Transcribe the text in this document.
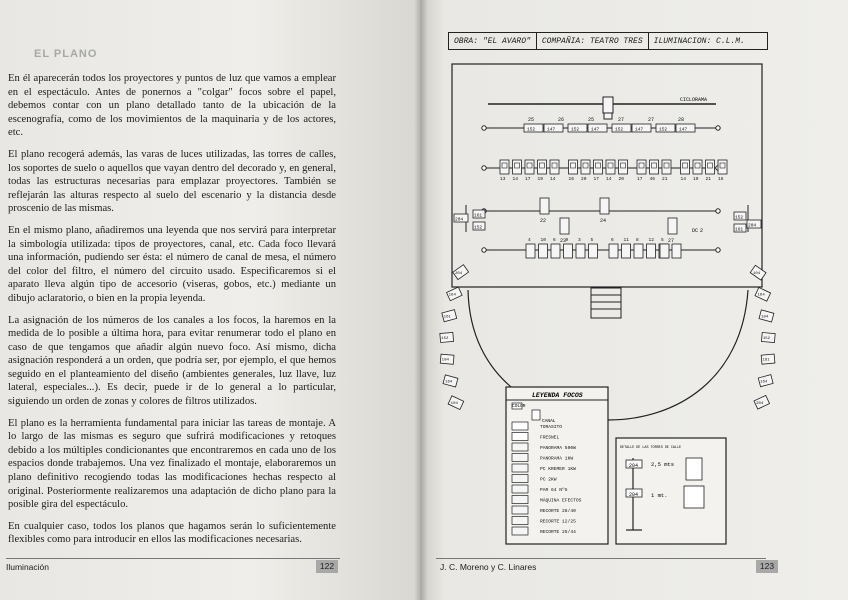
EL PLANO

En él aparecerán todos los proyectores y puntos de luz que vamos a emplear en el espectáculo. Antes de ponernos a "colgar" focos sobre el papel, debemos contar con un plano detallado tanto de la ubicación de la escenografía, como de los movimientos de la maquinaria y de los actores, etc.

El plano recogerá además, las varas de luces utilizadas, las torres de calles, los soportes de suelo o aquellos que vayan dentro del decorado y, en general, todas las estructuras necesarias para emplazar proyectores. También se reflejarán las alturas respecto al suelo del escenario y la distancia desde proscenio de las mismas.

En el mismo plano, añadiremos una leyenda que nos servirá para interpretar la simbología utilizada: tipos de proyectores, canal, etc. Cada foco llevará una información, pudiendo ser ésta: el número de canal de mesa, el número del color del filtro, el número del circuito usado. Especificaremos si el aparato lleva algún tipo de accesorio (viseras, gobos, etc.) mediante un dibujo aclaratorio, o bien en la propia leyenda.

La asignación de los números de los canales a los focos, la haremos en la medida de lo posible a última hora, para evitar renumerar todo el plano en caso de que tengamos que añadir algún nuevo foco. Así mismo, dicha asignación responderá a un orden, que podría ser, por ejemplo, el que hemos seguido en el planteamiento del diseño (ambientes generales, luz llave, luz lateral, especiales...). Es decir, puede ir de lo general a lo particular, siguiendo un orden de zonas y colores de filtros utilizados.

El plano es la herramienta fundamental para iniciar las tareas de montaje. A lo largo de las mismas es seguro que sufrirá modificaciones y retoques debido a los múltiples condicionantes que encontraremos en cada uno de los espacios donde trabajemos. Una vez finalizado el montaje, elaboraremos un plano definitivo recogiendo todas las modificaciones hechas respecto al original. Posteriormente realizaremos una adaptación de dicho plano para la posible gira del espectáculo.

En cualquier caso, todos los planos que hagamos serán lo suficientemente flexibles como para introducir en ellos las modificaciones necesarias.

Iluminación	122
OBRA: "EL AVARO"	COMPAÑIA: TEATRO TRES	ILUMINACION: C.L.M.
152	147	152	147	152	147	152	147
25	26	25	27	27	28
13 14 17 19 14	16 20 17 14 20	17 46 21	14 19 21 16
22
23
24
27
4 10 6 9 3 5	6 11 8 12 5
204
204
161
152
152
161
204	104
164	164
161	104
152	152
104	161
164	164
104	204
TORASITO
FRESNEL
PANORAMA 500W
PANORAMA 1KW
PC KREMER 1KW
PC 2KW
PAR 64 Nº5
MÁQUINA EFECTOS
RECORTE 28/40
RECORTE 12/25
RECORTE 25/44
CICLORAMA
LEYENDA FOCOS
COLOR
CANAL
DETALLE DE LAS TORRES DE CALLE
2,5 mts
1 mt.
204
204
2
DC
J. C. Moreno y C. Linares	123
